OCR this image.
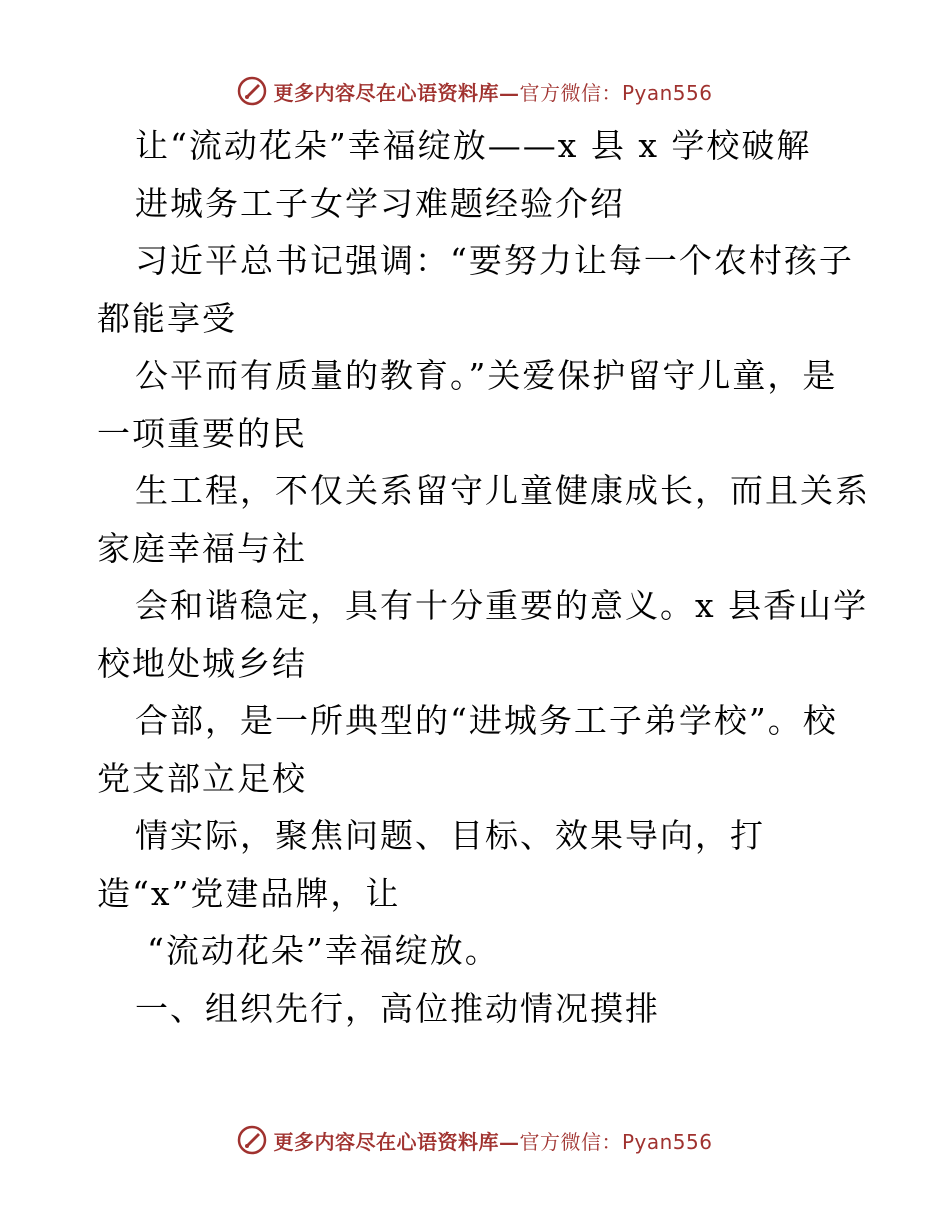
更多内容尽在心语资料库— 官方微信：Pyan556
让“流动花朵”幸福绽放——x 县 x 学校破解
进城务工子女学习难题经验介绍
习近平总书记强调：“要努力让每一个农村孩子
都能享受
公平而有质量的教育。”关爱保护留守儿童，是
一项重要的民
生工程，不仅关系留守儿童健康成长，而且关系
家庭幸福与社
会和谐稳定，具有十分重要的意义。x 县香山学
校地处城乡结
合部，是一所典型的“进城务工子弟学校”。校
党支部立足校
情实际，聚焦问题、目标、效果导向，打
造“x”党建品牌，让
“流动花朵”幸福绽放。
一、组织先行，高位推动情况摸排
更多内容尽在心语资料库— 官方微信：Pyan556
